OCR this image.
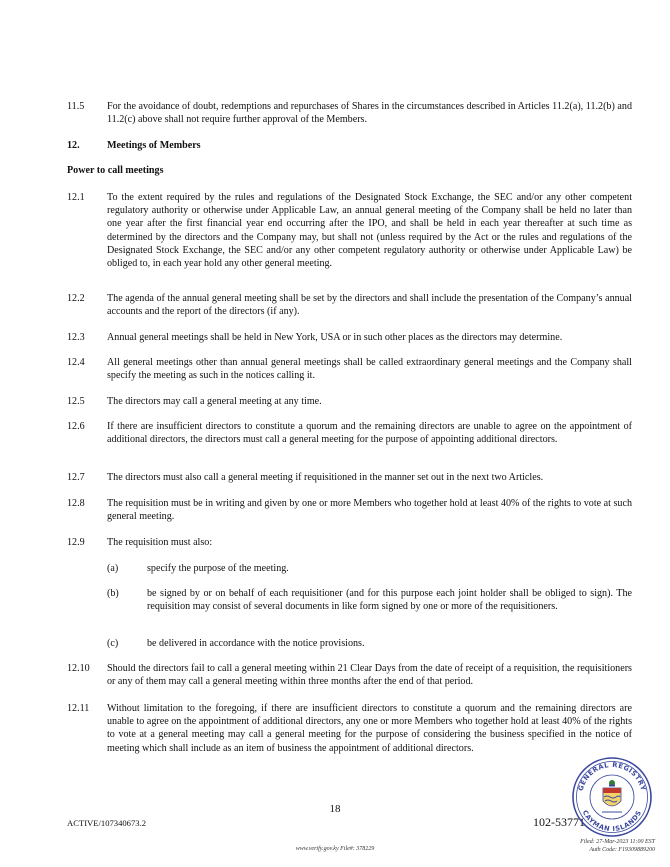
11.5 For the avoidance of doubt, redemptions and repurchases of Shares in the circumstances described in Articles 11.2(a), 11.2(b) and 11.2(c) above shall not require further approval of the Members.
12.	Meetings of Members
Power to call meetings
12.1 To the extent required by the rules and regulations of the Designated Stock Exchange, the SEC and/or any other competent regulatory authority or otherwise under Applicable Law, an annual general meeting of the Company shall be held no later than one year after the first financial year end occurring after the IPO, and shall be held in each year thereafter at such time as determined by the directors and the Company may, but shall not (unless required by the Act or the rules and regulations of the Designated Stock Exchange, the SEC and/or any other competent regulatory authority or otherwise under Applicable Law) be obliged to, in each year hold any other general meeting.
12.2 The agenda of the annual general meeting shall be set by the directors and shall include the presentation of the Company’s annual accounts and the report of the directors (if any).
12.3 Annual general meetings shall be held in New York, USA or in such other places as the directors may determine.
12.4 All general meetings other than annual general meetings shall be called extraordinary general meetings and the Company shall specify the meeting as such in the notices calling it.
12.5 The directors may call a general meeting at any time.
12.6 If there are insufficient directors to constitute a quorum and the remaining directors are unable to agree on the appointment of additional directors, the directors must call a general meeting for the purpose of appointing additional directors.
12.7 The directors must also call a general meeting if requisitioned in the manner set out in the next two Articles.
12.8 The requisition must be in writing and given by one or more Members who together hold at least 40% of the rights to vote at such general meeting.
12.9 The requisition must also:
(a)	specify the purpose of the meeting.
(b)	be signed by or on behalf of each requisitioner (and for this purpose each joint holder shall be obliged to sign). The requisition may consist of several documents in like form signed by one or more of the requisitioners.
(c)	be delivered in accordance with the notice provisions.
12.10 Should the directors fail to call a general meeting within 21 Clear Days from the date of receipt of a requisition, the requisitioners or any of them may call a general meeting within three months after the end of that period.
12.11 Without limitation to the foregoing, if there are insufficient directors to constitute a quorum and the remaining directors are unable to agree on the appointment of additional directors, any one or more Members who together hold at least 40% of the rights to vote at a general meeting may call a general meeting for the purpose of considering the business specified in the notice of meeting which shall include as an item of business the appointment of additional directors.
18
ACTIVE/107340673.2	102-53771
GENERAL REGISTRY
CAYMAN ISLANDS
Filed: 27-Mar-2023 11:00 EST
Auth Code: F19309889200
www.verify.gov.ky File#: 378229
